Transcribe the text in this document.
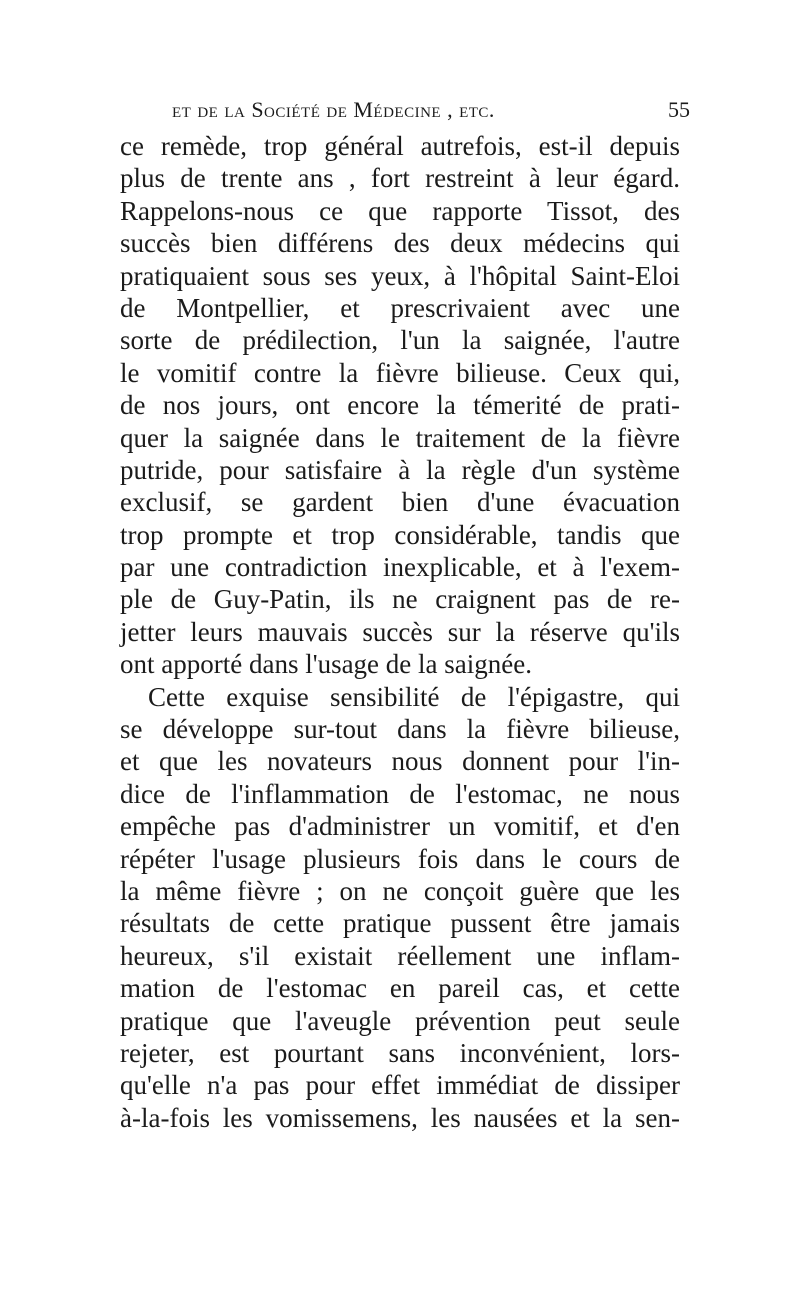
et de la Société de Médecine , etc.	55
ce remède, trop général autrefois, est-il depuis
plus de trente ans , fort restreint à leur égard.
Rappelons-nous ce que rapporte Tissot, des
succès bien différens des deux médecins qui
pratiquaient sous ses yeux, à l'hôpital Saint-Eloi
de Montpellier, et prescrivaient avec une
sorte de prédilection, l'un la saignée, l'autre
le vomitif contre la fièvre bilieuse. Ceux qui,
de nos jours, ont encore la témerité de prati-
quer la saignée dans le traitement de la fièvre
putride, pour satisfaire à la règle d'un système
exclusif, se gardent bien d'une évacuation
trop prompte et trop considérable, tandis que
par une contradiction inexplicable, et à l'exem-
ple de Guy-Patin, ils ne craignent pas de re-
jetter leurs mauvais succès sur la réserve qu'ils
ont apporté dans l'usage de la saignée.
Cette exquise sensibilité de l'épigastre, qui
se développe sur-tout dans la fièvre bilieuse,
et que les novateurs nous donnent pour l'in-
dice de l'inflammation de l'estomac, ne nous
empêche pas d'administrer un vomitif, et d'en
répéter l'usage plusieurs fois dans le cours de
la même fièvre ; on ne conçoit guère que les
résultats de cette pratique pussent être jamais
heureux, s'il existait réellement une inflam-
mation de l'estomac en pareil cas, et cette
pratique que l'aveugle prévention peut seule
rejeter, est pourtant sans inconvénient, lors-
qu'elle n'a pas pour effet immédiat de dissiper
à-la-fois les vomissemens, les nausées et la sen-
